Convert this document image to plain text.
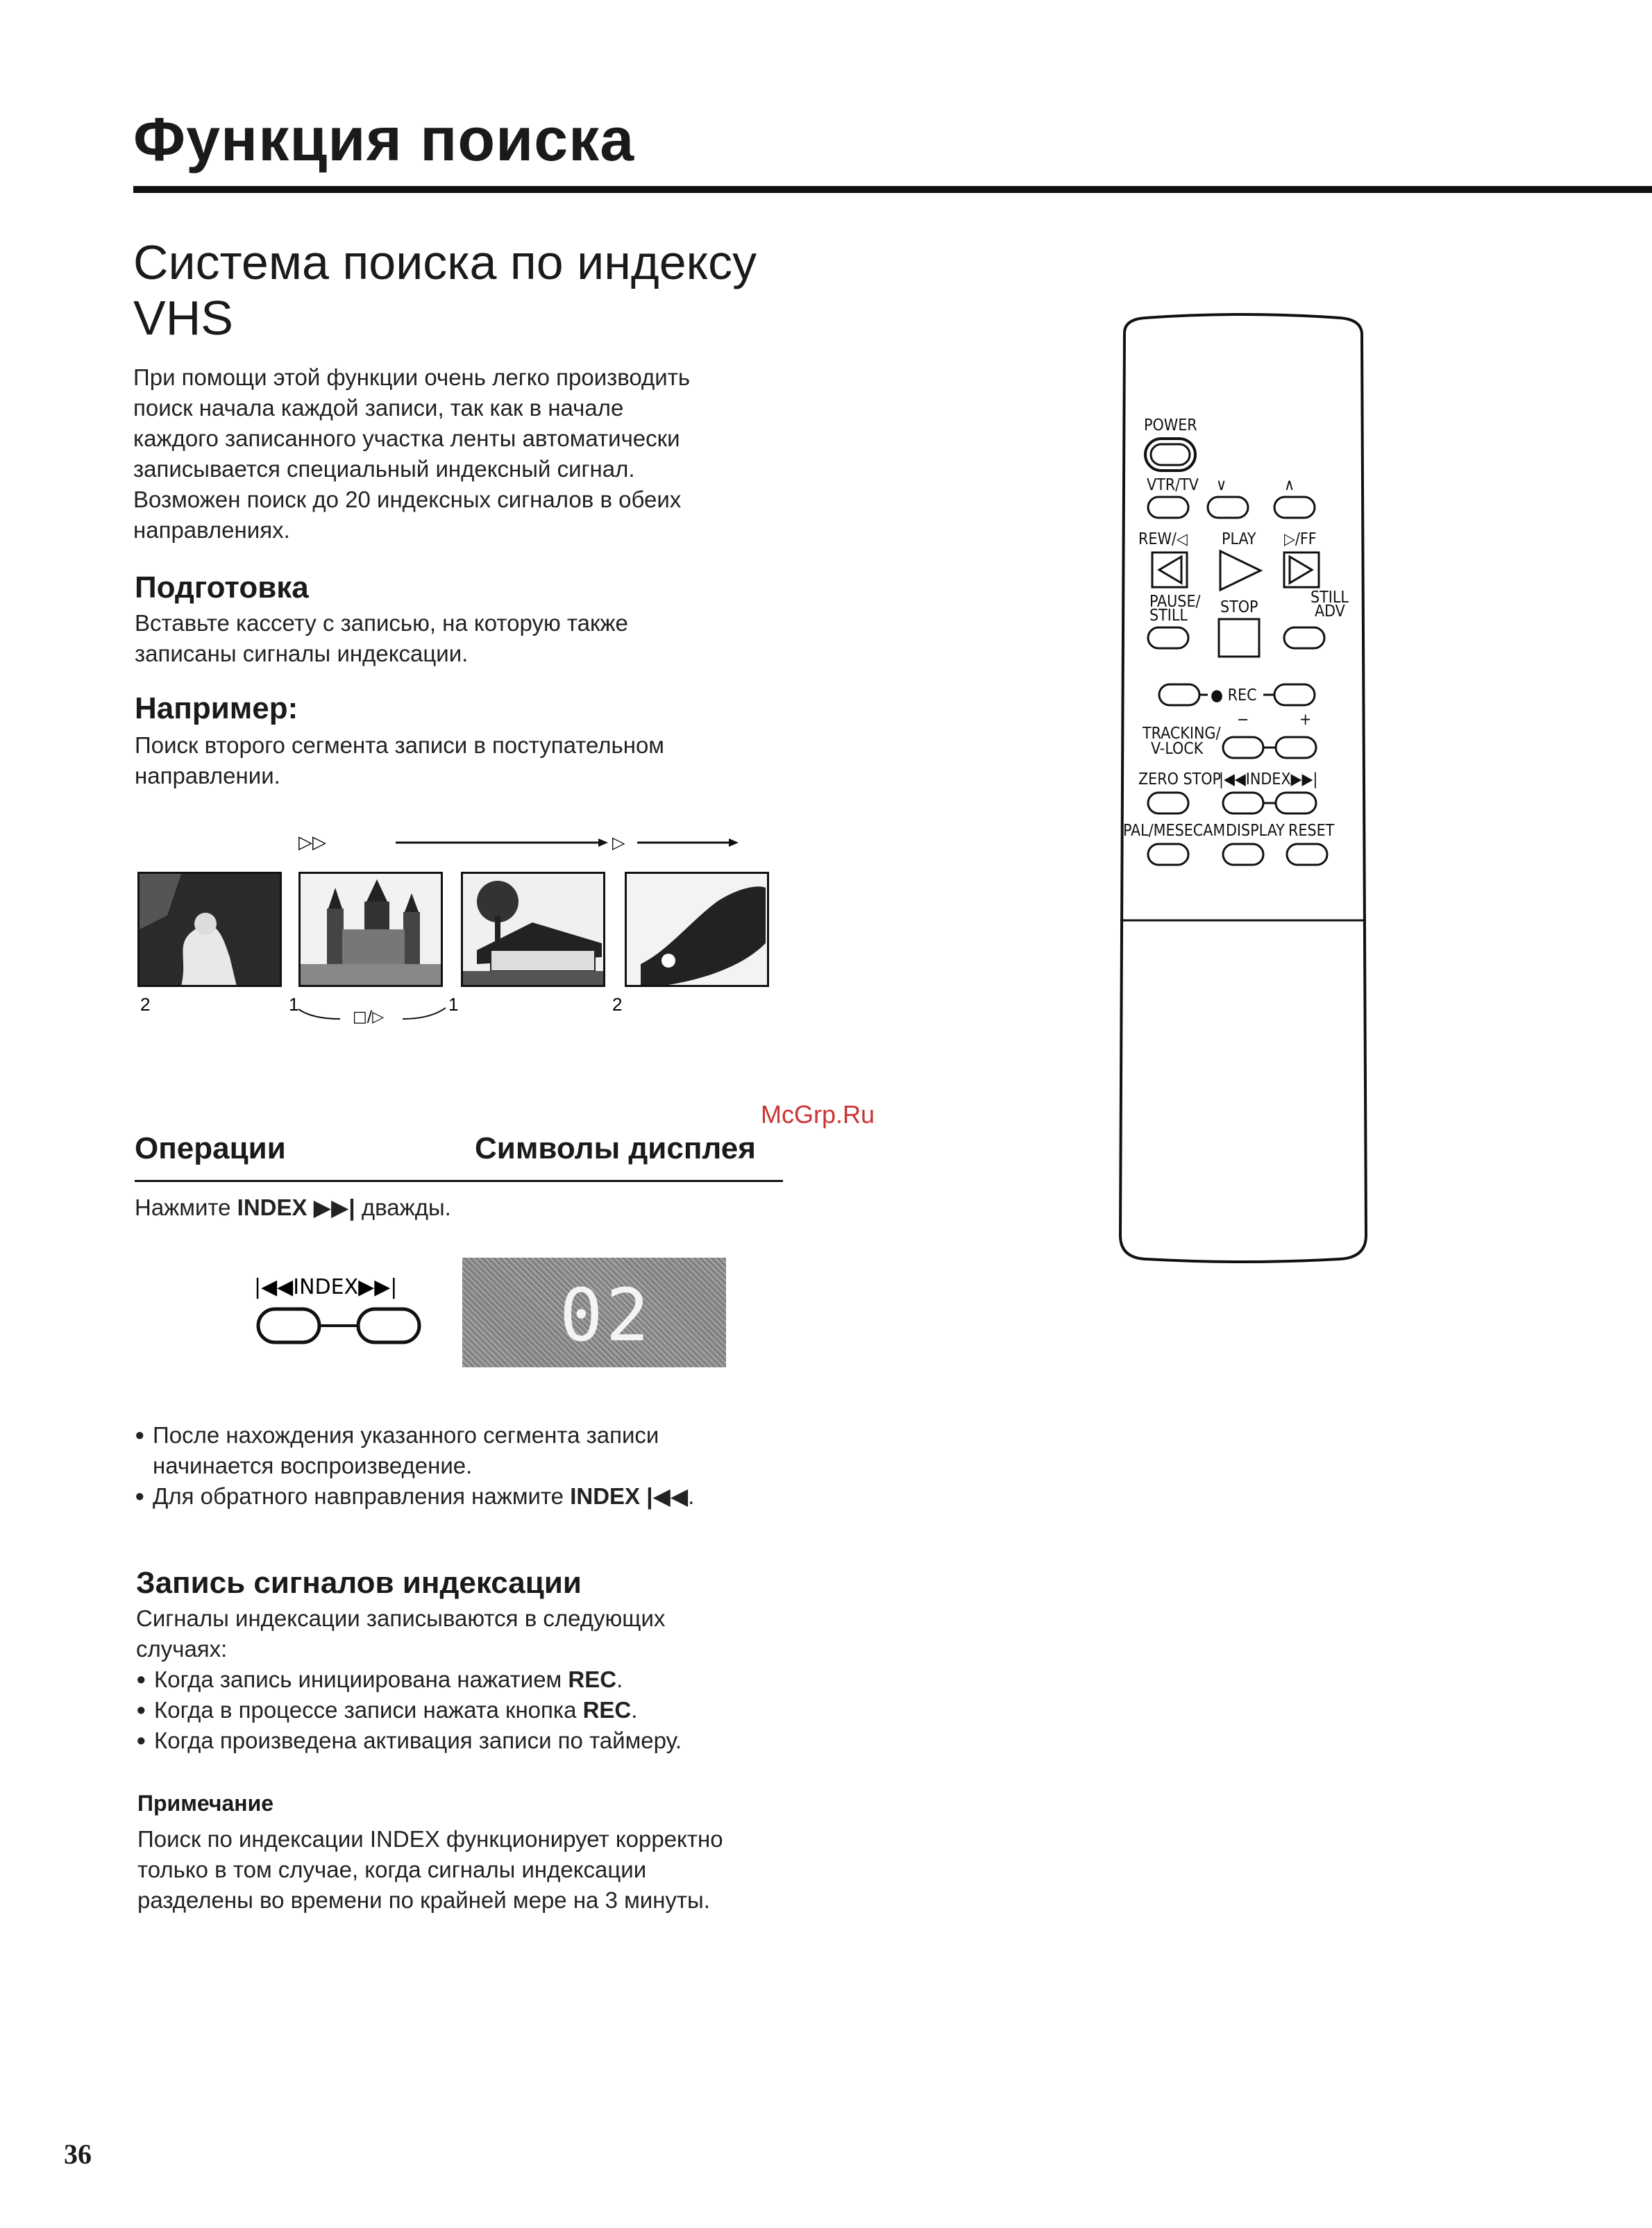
Функция поиска
Система поиска по индексу
VHS
При помощи этой функции очень легко производить
поиск начала каждой записи, так как в начале
каждого записанного участка ленты автоматически
записывается специальный индексный сигнал.
Возможен поиск до 20 индексных сигналов в обеих
направлениях.
Подготовка
Вставьте кассету с записью, на которую также
записаны сигналы индексации.
Например:
Поиск второго сегмента записи в поступательном
направлении.
▷▷	▷
2	1
□/▷
1	2
McGrp.Ru
Операции	Символы дисплея
Нажмите INDEX ▶▶| дважды.
|◀◀INDEX▶▶| 02
● После нахождения указанного сегмента записи
начинается воспроизведение.
● Для обратного навправления нажмите INDEX |◀◀.
Запись сигналов индексации
Сигналы индексации записываются в следующих
случаях:
● Когда запись инициирована нажатием REC.
● Когда в процессе записи нажата кнопка REC.
● Когда произведена активация записи по таймеру.
Примечание
Поиск по индексации INDEX функционирует корректно
только в том случае, когда сигналы индексации
разделены во времени по крайней мере на 3 минуты.
36
POWER
VTR/TV ∨	∧
REW/◁ PLAY ▷/FF
PAUSE/
STILL STOP
STILL
ADV
● REC
−	+
TRACKING/
V-LOCK
ZERO STOP
|◀◀INDEX▶▶|
PAL/MESECAM DISPLAY RESET
